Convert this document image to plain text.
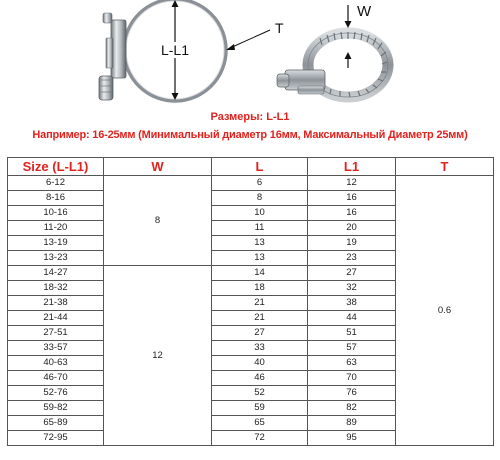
L-L1
T
W
Размеры: L-L1
Например: 16-25мм (Минимальный диаметр 16мм, Максимальный Диаметр 25мм)
Size (L-L1)	W	L	L1	T
6-12	8	6	12	0.6
8-16		8	16	
10-16		10	16	
11-20		11	20	
13-19		13	19	
13-23		13	23	
14-27	12	14	27	
18-32		18	32	
21-38		21	38	
21-44		21	44	
27-51		27	51	
33-57		33	57	
40-63		40	63	
46-70		46	70	
52-76		52	76	
59-82		59	82	
65-89		65	89	
72-95		72	95	
